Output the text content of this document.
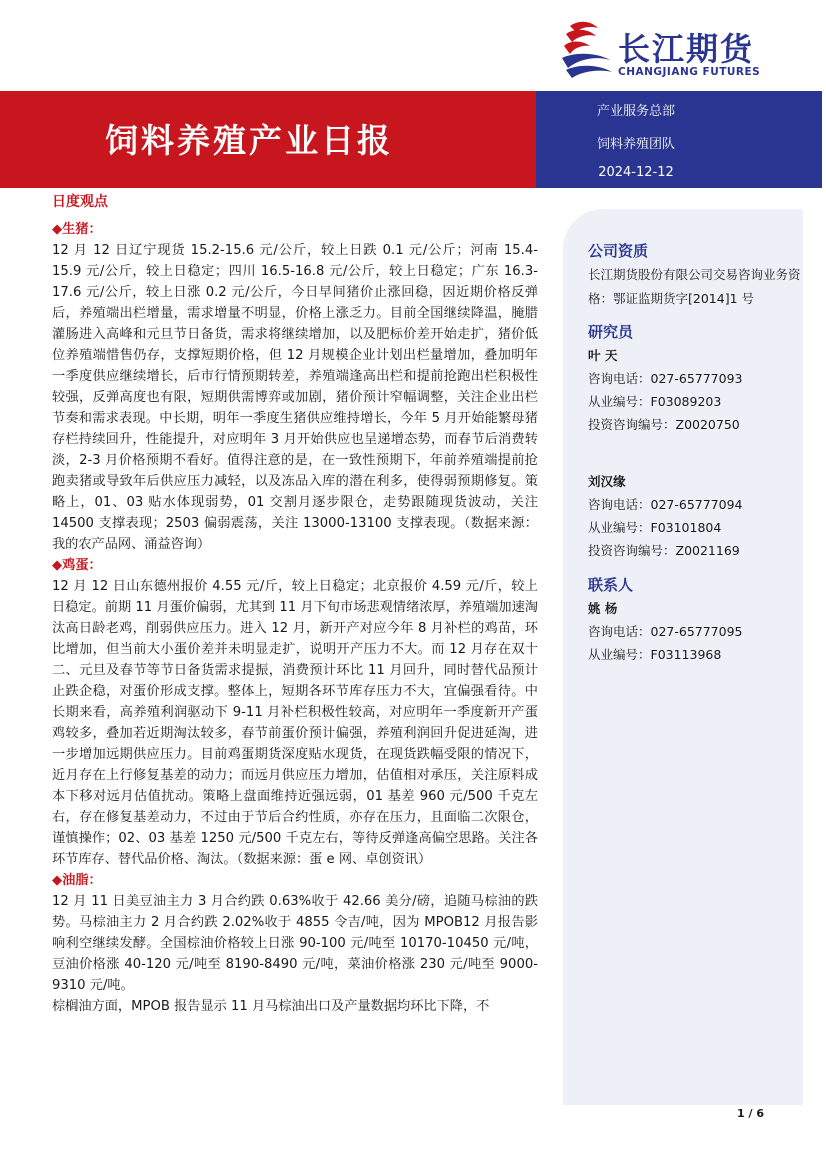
长江期货
CHANGJIANG FUTURES
饲料养殖产业日报
产业服务总部
饲料养殖团队
2024-12-12
公司资质
长江期货股份有限公司交易咨询业务资格：鄂证监期货字[2014]1 号
研究员
叶 天
咨询电话：027-65777093
从业编号：F03089203
投资咨询编号：Z0020750
刘汉缘
咨询电话：027-65777094
从业编号：F03101804
投资咨询编号：Z0021169
联系人
姚 杨
咨询电话：027-65777095
从业编号：F03113968
日度观点
◆生猪：

12 月 12 日辽宁现货 15.2-15.6 元/公斤，较上日跌 0.1 元/公斤；河南 15.4-15.9 元/公斤，较上日稳定；四川 16.5-16.8 元/公斤，较上日稳定；广东 16.3-17.6 元/公斤，较上日涨 0.2 元/公斤，今日早间猪价止涨回稳，因近期价格反弹后，养殖端出栏增量，需求增量不明显，价格上涨乏力。目前全国继续降温，腌腊灌肠进入高峰和元旦节日备货，需求将继续增加，以及肥标价差开始走扩，猪价低位养殖端惜售仍存，支撑短期价格，但 12 月规模企业计划出栏量增加，叠加明年一季度供应继续增长，后市行情预期转差，养殖端逢高出栏和提前抢跑出栏积极性较强，反弹高度也有限，短期供需博弈或加剧，猪价预计窄幅调整，关注企业出栏节奏和需求表现。中长期，明年一季度生猪供应维持增长，今年 5 月开始能繁母猪存栏持续回升，性能提升，对应明年 3 月开始供应也呈递增态势，而春节后消费转淡，2-3 月价格预期不看好。值得注意的是，在一致性预期下，年前养殖端提前抢跑卖猪或导致年后供应压力减轻，以及冻品入库的潜在利多，使得弱预期修复。策略上，01、03 贴水体现弱势，01 交割月逐步限仓，走势跟随现货波动，关注 14500 支撑表现；2503 偏弱震荡，关注 13000-13100 支撑表现。（数据来源：我的农产品网、涌益咨询）

◆鸡蛋：

12 月 12 日山东德州报价 4.55 元/斤，较上日稳定；北京报价 4.59 元/斤，较上日稳定。前期 11 月蛋价偏弱，尤其到 11 月下旬市场悲观情绪浓厚，养殖端加速淘汰高日龄老鸡，削弱供应压力。进入 12 月，新开产对应今年 8 月补栏的鸡苗，环比增加，但当前大小蛋价差并未明显走扩，说明开产压力不大。而 12 月存在双十二、元旦及春节等节日备货需求提振，消费预计环比 11 月回升，同时替代品预计止跌企稳，对蛋价形成支撑。整体上，短期各环节库存压力不大，宜偏强看待。中长期来看，高养殖利润驱动下 9-11 月补栏积极性较高，对应明年一季度新开产蛋鸡较多，叠加若近期淘汰较多，春节前蛋价预计偏强，养殖利润回升促进延淘，进一步增加远期供应压力。目前鸡蛋期货深度贴水现货，在现货跌幅受限的情况下，近月存在上行修复基差的动力；而远月供应压力增加，估值相对承压，关注原料成本下移对远月估值扰动。策略上盘面维持近强远弱，01 基差 960 元/500 千克左右，存在修复基差动力，不过由于节后合约性质，亦存在压力，且面临二次限仓，谨慎操作；02、03 基差 1250 元/500 千克左右，等待反弹逢高偏空思路。关注各环节库存、替代品价格、淘汰。（数据来源：蛋 e 网、卓创资讯）

◆油脂：

12 月 11 日美豆油主力 3 月合约跌 0.63%收于 42.66 美分/磅，追随马棕油的跌势。马棕油主力 2 月合约跌 2.02%收于 4855 令吉/吨，因为 MPOB12 月报告影响利空继续发酵。全国棕油价格较上日涨 90-100 元/吨至 10170-10450 元/吨，豆油价格涨 40-120 元/吨至 8190-8490 元/吨，菜油价格涨 230 元/吨至 9000-9310 元/吨。

棕榈油方面，MPOB 报告显示 11 月马棕油出口及产量数据均环比下降，不

1 / 6
